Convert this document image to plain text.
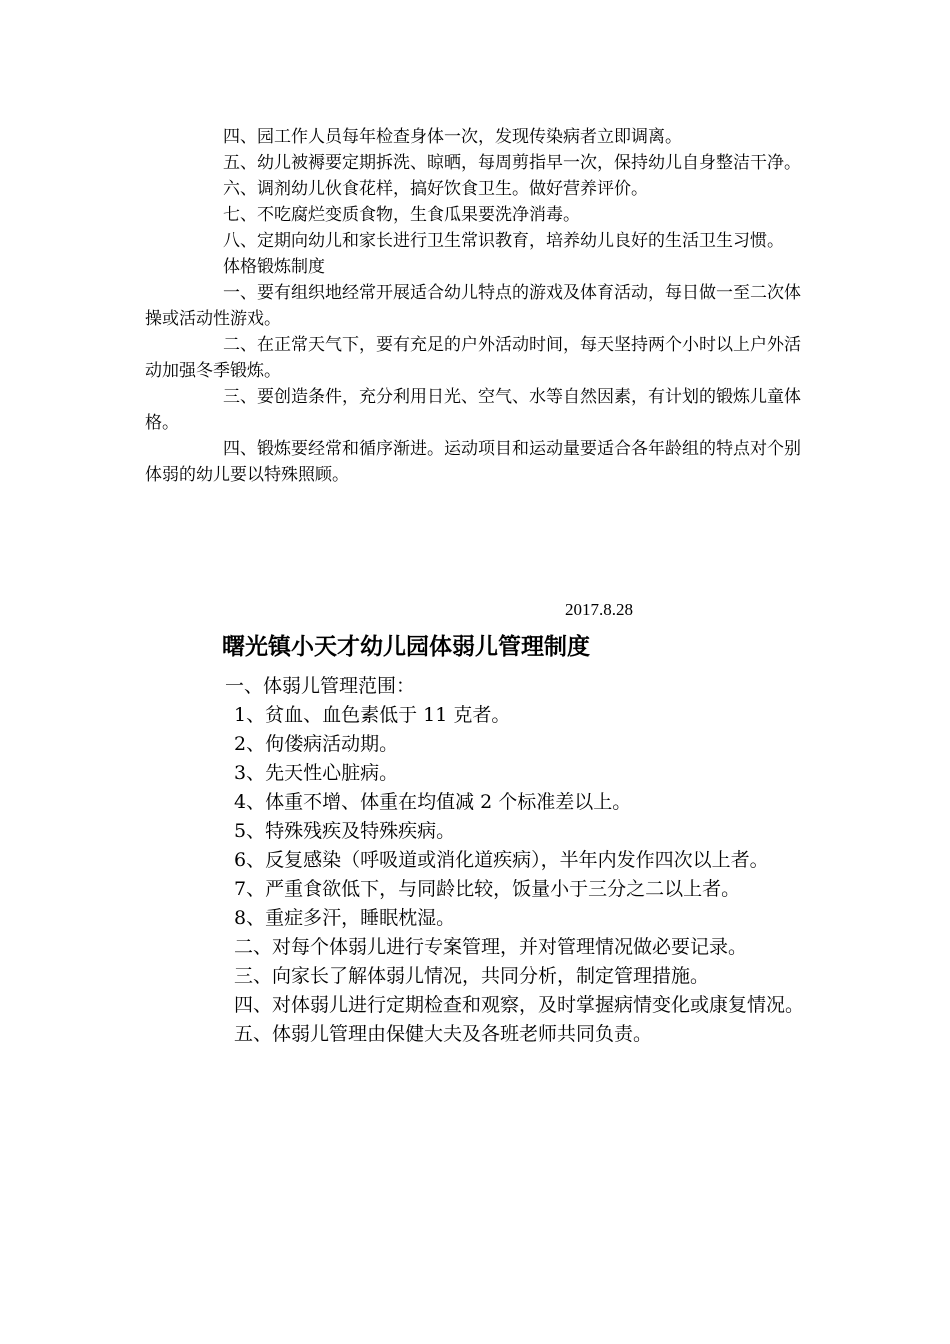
四、园工作人员每年检查身体一次，发现传染病者立即调离。

五、幼儿被褥要定期拆洗、晾晒，每周剪指早一次，保持幼儿自身整洁干净。

六、调剂幼儿伙食花样，搞好饮食卫生。做好营养评价。

七、不吃腐烂变质食物，生食瓜果要洗净消毒。

八、定期向幼儿和家长进行卫生常识教育，培养幼儿良好的生活卫生习惯。

体格锻炼制度

一、要有组织地经常开展适合幼儿特点的游戏及体育活动，每日做一至二次体操或活动性游戏。

二、在正常天气下，要有充足的户外活动时间，每天坚持两个小时以上户外活动加强冬季锻炼。

三、要创造条件，充分利用日光、空气、水等自然因素，有计划的锻炼儿童体格。

四、锻炼要经常和循序渐进。运动项目和运动量要适合各年龄组的特点对个别体弱的幼儿要以特殊照顾。

2017.8.28
曙光镇小天才幼儿园体弱儿管理制度

一、体弱儿管理范围：

1、贫血、血色素低于 11 克者。

2、佝偻病活动期。

3、先天性心脏病。

4、体重不增、体重在均值减 2 个标准差以上。

5、特殊残疾及特殊疾病。

6、反复感染（呼吸道或消化道疾病），半年内发作四次以上者。

7、严重食欲低下，与同龄比较，饭量小于三分之二以上者。

8、重症多汗，睡眠枕湿。

二、对每个体弱儿进行专案管理，并对管理情况做必要记录。

三、向家长了解体弱儿情况，共同分析，制定管理措施。

四、对体弱儿进行定期检查和观察，及时掌握病情变化或康复情况。

五、体弱儿管理由保健大夫及各班老师共同负责。
